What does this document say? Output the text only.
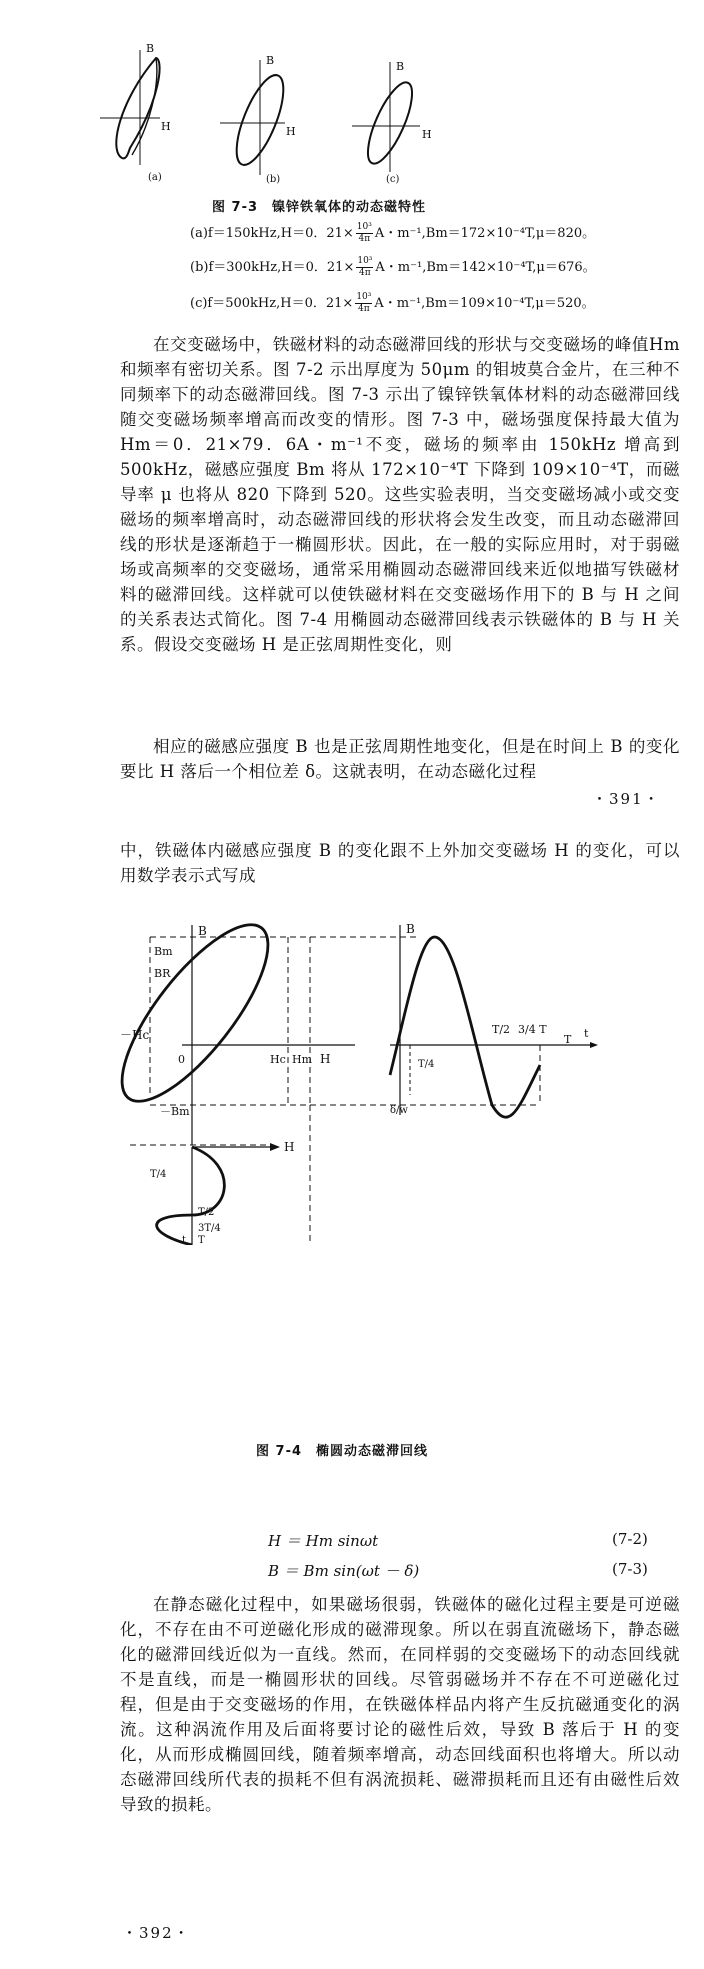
B
H
(a)
B
H
(b)
B
H
(c)
图 7-3　镍锌铁氧体的动态磁特性
(a)f＝150kHz,H＝0．$21\times \frac{\text{10³}}{4\pi}$ A・m⁻¹,Bm＝172×10⁻⁴T,μ＝820。
(b)f＝300kHz,H＝0．$21\times \frac{\text{10³}}{4\pi}$ A・m⁻¹,Bm＝142×10⁻⁴T,μ＝676。
(c)f＝500kHz,H＝0．$21\times \frac{\text{10³}}{4\pi}$ A・m⁻¹,Bm＝109×10⁻⁴T,μ＝520。

在交变磁场中，铁磁材料的动态磁滞回线的形状与交变磁场的峰值Hm和频率有密切关系。图 7-2 示出厚度为 50μm 的钼坡莫合金片，在三种不同频率下的动态磁滞回线。图 7-3 示出了镍锌铁氧体材料的动态磁滞回线随交变磁场频率增高而改变的情形。图 7-3 中，磁场强度保持最大值为 Hm＝0．21×79．6A・m⁻¹不变，磁场的频率由 150kHz 增高到 500kHz，磁感应强度 Bm 将从 172×10⁻⁴T 下降到 109×10⁻⁴T，而磁导率 μ 也将从 820 下降到 520。这些实验表明，当交变磁场减小或交变磁场的频率增高时，动态磁滞回线的形状将会发生改变，而且动态磁滞回线的形状是逐渐趋于一椭圆形状。因此，在一般的实际应用时，对于弱磁场或高频率的交变磁场，通常采用椭圆动态磁滞回线来近似地描写铁磁材料的磁滞回线。这样就可以使铁磁材料在交变磁场作用下的 B 与 H 之间的关系表达式简化。图 7-4 用椭圆动态磁滞回线表示铁磁体的 B 与 H 关系。假设交变磁场 H 是正弦周期性变化，则

相应的磁感应强度 B 也是正弦周期性地变化，但是在时间上 B 的变化要比 H 落后一个相位差 δ。这就表明，在动态磁化过程

・391・

中，铁磁体内磁感应强度 B 的变化跟不上外加交变磁场 H 的变化，可以用数学表示式写成

B
Bm
BR
－Hc
0	Hc Hm H
－Bm
B
T/2 3/4 T
T t
T/4
δ/w
H
T/4
T/2
3T/4
T
t
图 7-4　椭圆动态磁滞回线
H ＝ Hm sinωt	(7-2)
B ＝ Bm sin(ωt － δ)	(7-3)

在静态磁化过程中，如果磁场很弱，铁磁体的磁化过程主要是可逆磁化，不存在由不可逆磁化形成的磁滞现象。所以在弱直流磁场下，静态磁化的磁滞回线近似为一直线。然而，在同样弱的交变磁场下的动态回线就不是直线，而是一椭圆形状的回线。尽管弱磁场并不存在不可逆磁化过程，但是由于交变磁场的作用，在铁磁体样品内将产生反抗磁通变化的涡流。这种涡流作用及后面将要讨论的磁性后效，导致 B 落后于 H 的变化，从而形成椭圆回线，随着频率增高，动态回线面积也将增大。所以动态磁滞回线所代表的损耗不但有涡流损耗、磁滞损耗而且还有由磁性后效导致的损耗。

・392・
